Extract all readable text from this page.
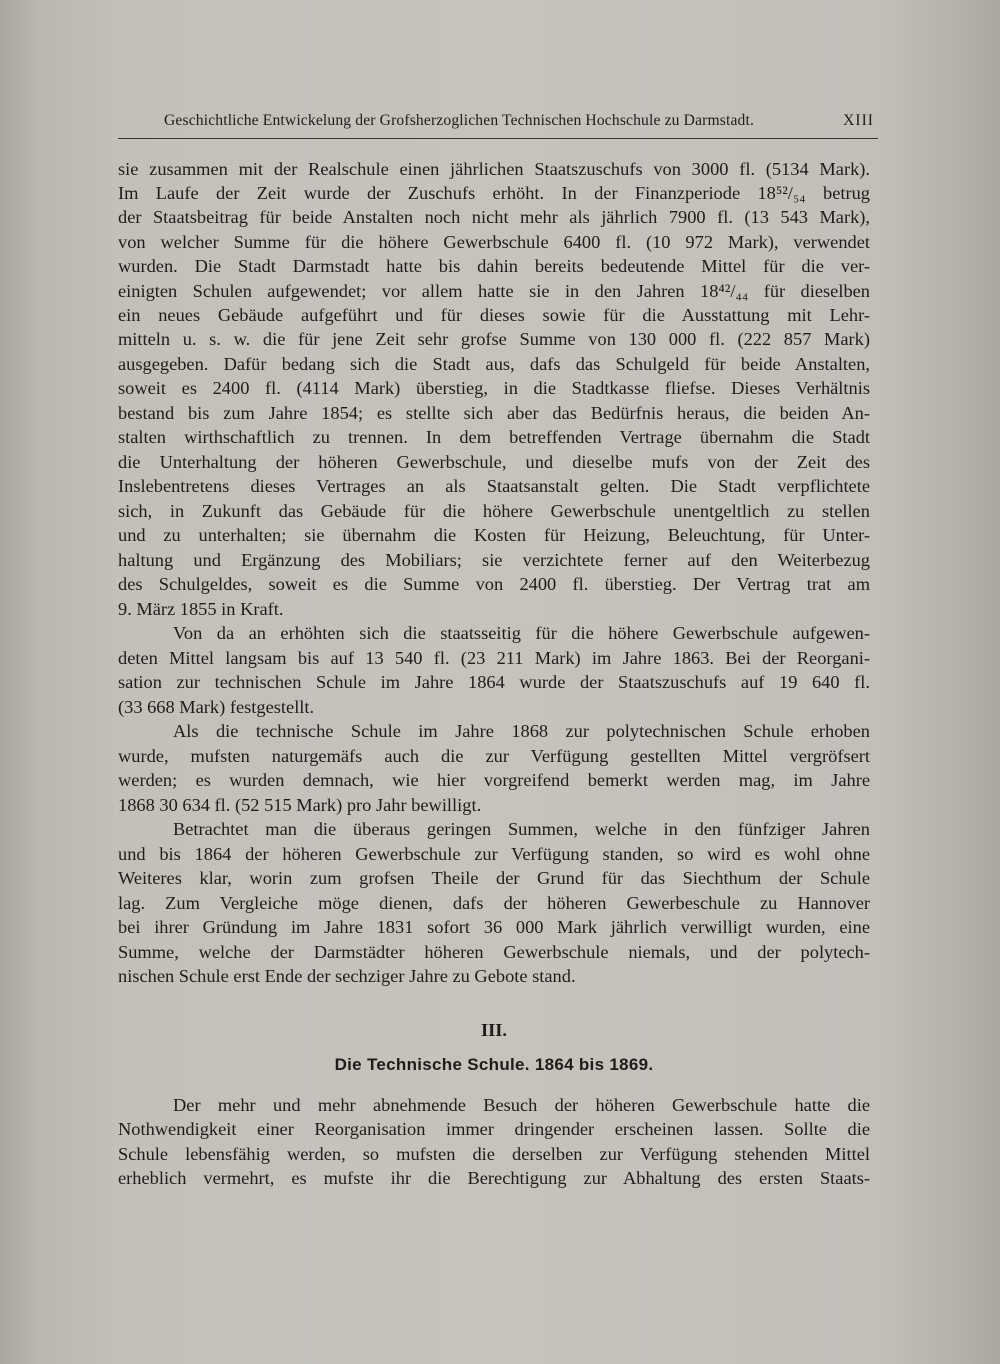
Geschichtliche Entwickelung der Grofsherzoglichen Technischen Hochschule zu Darmstadt.	XIII
sie zusammen mit der Realschule einen jährlichen Staatszuschufs von 3000 fl. (5134 Mark).
Im Laufe der Zeit wurde der Zuschufs erhöht. In der Finanzperiode 18⁵²/₅₄ betrug
der Staatsbeitrag für beide Anstalten noch nicht mehr als jährlich 7900 fl. (13 543 Mark),
von welcher Summe für die höhere Gewerbschule 6400 fl. (10 972 Mark), verwendet
wurden. Die Stadt Darmstadt hatte bis dahin bereits bedeutende Mittel für die ver-
einigten Schulen aufgewendet; vor allem hatte sie in den Jahren 18⁴²/₄₄ für dieselben
ein neues Gebäude aufgeführt und für dieses sowie für die Ausstattung mit Lehr-
mitteln u. s. w. die für jene Zeit sehr grofse Summe von 130 000 fl. (222 857 Mark)
ausgegeben. Dafür bedang sich die Stadt aus, dafs das Schulgeld für beide Anstalten,
soweit es 2400 fl. (4114 Mark) überstieg, in die Stadtkasse fliefse. Dieses Verhältnis
bestand bis zum Jahre 1854; es stellte sich aber das Bedürfnis heraus, die beiden An-
stalten wirthschaftlich zu trennen. In dem betreffenden Vertrage übernahm die Stadt
die Unterhaltung der höheren Gewerbschule, und dieselbe mufs von der Zeit des
Inslebentretens dieses Vertrages an als Staatsanstalt gelten. Die Stadt verpflichtete
sich, in Zukunft das Gebäude für die höhere Gewerbschule unentgeltlich zu stellen
und zu unterhalten; sie übernahm die Kosten für Heizung, Beleuchtung, für Unter-
haltung und Ergänzung des Mobiliars; sie verzichtete ferner auf den Weiterbezug
des Schulgeldes, soweit es die Summe von 2400 fl. überstieg. Der Vertrag trat am
9. März 1855 in Kraft.
Von da an erhöhten sich die staatsseitig für die höhere Gewerbschule aufgewen-
deten Mittel langsam bis auf 13 540 fl. (23 211 Mark) im Jahre 1863. Bei der Reorgani-
sation zur technischen Schule im Jahre 1864 wurde der Staatszuschufs auf 19 640 fl.
(33 668 Mark) festgestellt.
Als die technische Schule im Jahre 1868 zur polytechnischen Schule erhoben
wurde, mufsten naturgemäfs auch die zur Verfügung gestellten Mittel vergröfsert
werden; es wurden demnach, wie hier vorgreifend bemerkt werden mag, im Jahre
1868 30 634 fl. (52 515 Mark) pro Jahr bewilligt.
Betrachtet man die überaus geringen Summen, welche in den fünfziger Jahren
und bis 1864 der höheren Gewerbschule zur Verfügung standen, so wird es wohl ohne
Weiteres klar, worin zum grofsen Theile der Grund für das Siechthum der Schule
lag. Zum Vergleiche möge dienen, dafs der höheren Gewerbeschule zu Hannover
bei ihrer Gründung im Jahre 1831 sofort 36 000 Mark jährlich verwilligt wurden, eine
Summe, welche der Darmstädter höheren Gewerbschule niemals, und der polytech-
nischen Schule erst Ende der sechziger Jahre zu Gebote stand.
III.
Die Technische Schule. 1864 bis 1869.
Der mehr und mehr abnehmende Besuch der höheren Gewerbschule hatte die
Nothwendigkeit einer Reorganisation immer dringender erscheinen lassen. Sollte die
Schule lebensfähig werden, so mufsten die derselben zur Verfügung stehenden Mittel
erheblich vermehrt, es mufste ihr die Berechtigung zur Abhaltung des ersten Staats-
